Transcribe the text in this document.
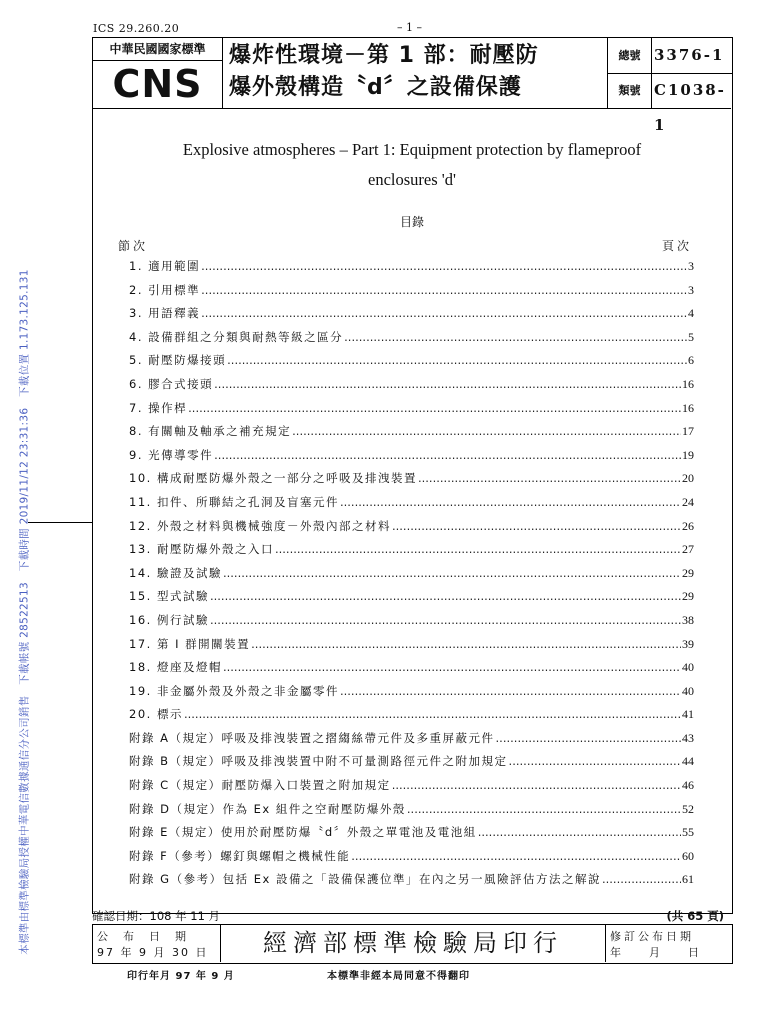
ICS 29.260.20	– 1 –
中華民國國家標準
CNS
爆炸性環境－第 1 部：耐壓防
爆外殼構造〝d〞之設備保護
總號 3376-1
類號 C1038-1
Explosive atmospheres – Part 1: Equipment protection by flameproof
enclosures 'd'
目錄
節次	頁次
1. 適用範圍 .....	3
2. 引用標準 .....	3
3. 用語釋義 .....	4
4. 設備群組之分類與耐熱等級之區分 .....	5
5. 耐壓防爆接頭 .....	6
6. 膠合式接頭 .....	16
7. 操作桿 .....	16
8. 有關軸及軸承之補充規定 .....	17
9. 光傳導零件 .....	19
10. 構成耐壓防爆外殼之一部分之呼吸及排洩裝置 .....	20
11. 扣件、所聯結之孔洞及盲塞元件 .....	24
12. 外殼之材料與機械強度－外殼內部之材料 .....	26
13. 耐壓防爆外殼之入口 .....	27
14. 驗證及試驗 .....	29
15. 型式試驗 .....	29
16. 例行試驗 .....	38
17. 第 I 群開關裝置 .....	39
18. 燈座及燈帽 .....	40
19. 非金屬外殼及外殼之非金屬零件 .....	40
20. 標示 .....	41
附錄 A（規定）呼吸及排洩裝置之摺縐絲帶元件及多重屏蔽元件 .....	43
附錄 B（規定）呼吸及排洩裝置中附不可量測路徑元件之附加規定 .....	44
附錄 C（規定）耐壓防爆入口裝置之附加規定 .....	46
附錄 D（規定）作為 Ex 組件之空耐壓防爆外殼 .....	52
附錄 E（規定）使用於耐壓防爆〝d〞外殼之單電池及電池組 .....	55
附錄 F（參考）螺釘與螺帽之機械性能 .....	60
附錄 G（參考）包括 Ex 設備之「設備保護位準」在內之另一風險評估方法之解說 .....	61
確認日期：108 年 11 月	(共 65 頁)
公布日期
97 年 9 月 30 日	經濟部標準檢驗局印行	修訂公布日期
年月日
印行年月 97 年 9 月	本標準非經本局同意不得翻印
本標準由標準檢驗局授權中華電信數據通信分公司銷售　下載帳號 28522513　下載時間 2019/11/12 23:31:36　下載位置 1.173.125.131
